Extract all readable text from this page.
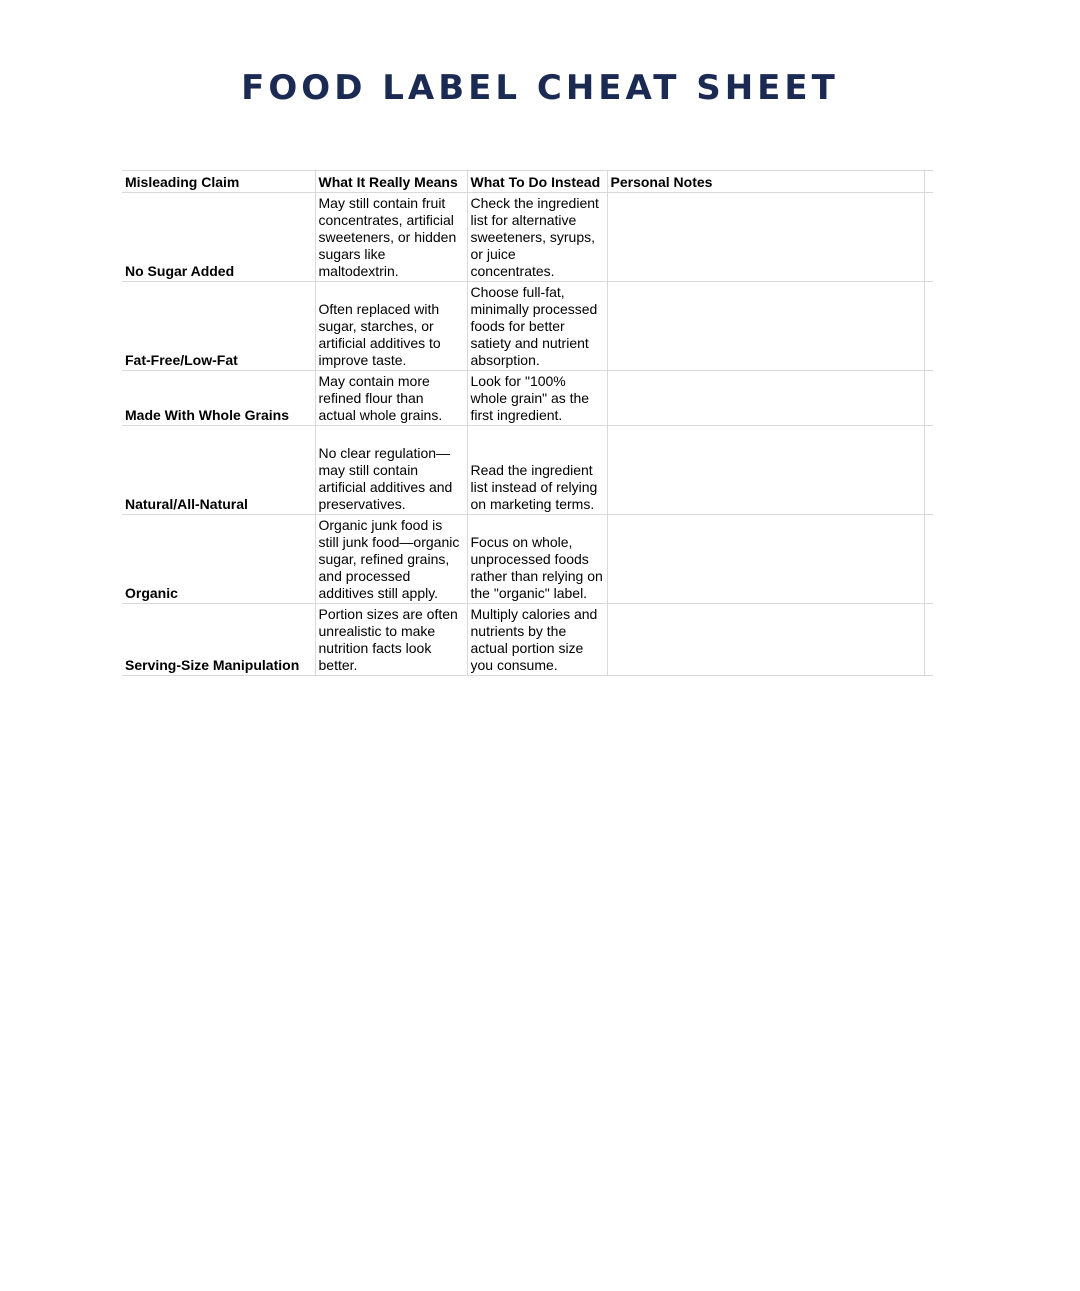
FOOD LABEL CHEAT SHEET
Misleading Claim	What It Really Means	What To Do Instead	Personal Notes	
No Sugar Added	May still contain fruit concentrates, artificial sweeteners, or hidden sugars like maltodextrin.	Check the ingredient list for alternative sweeteners, syrups, or juice concentrates.		
Fat-Free/Low-Fat	Often replaced with sugar, starches, or artificial additives to improve taste.	Choose full-fat, minimally processed foods for better satiety and nutrient absorption.		
Made With Whole Grains	May contain more refined flour than actual whole grains.	Look for "100% whole grain" as the first ingredient.		
Natural/All-Natural	No clear regulation—may still contain artificial additives and preservatives.	Read the ingredient list instead of relying on marketing terms.		
Organic	Organic junk food is still junk food—organic sugar, refined grains, and processed additives still apply.	Focus on whole, unprocessed foods rather than relying on the "organic" label.		
Serving-Size Manipulation	Portion sizes are often unrealistic to make nutrition facts look better.	Multiply calories and nutrients by the actual portion size you consume.		
